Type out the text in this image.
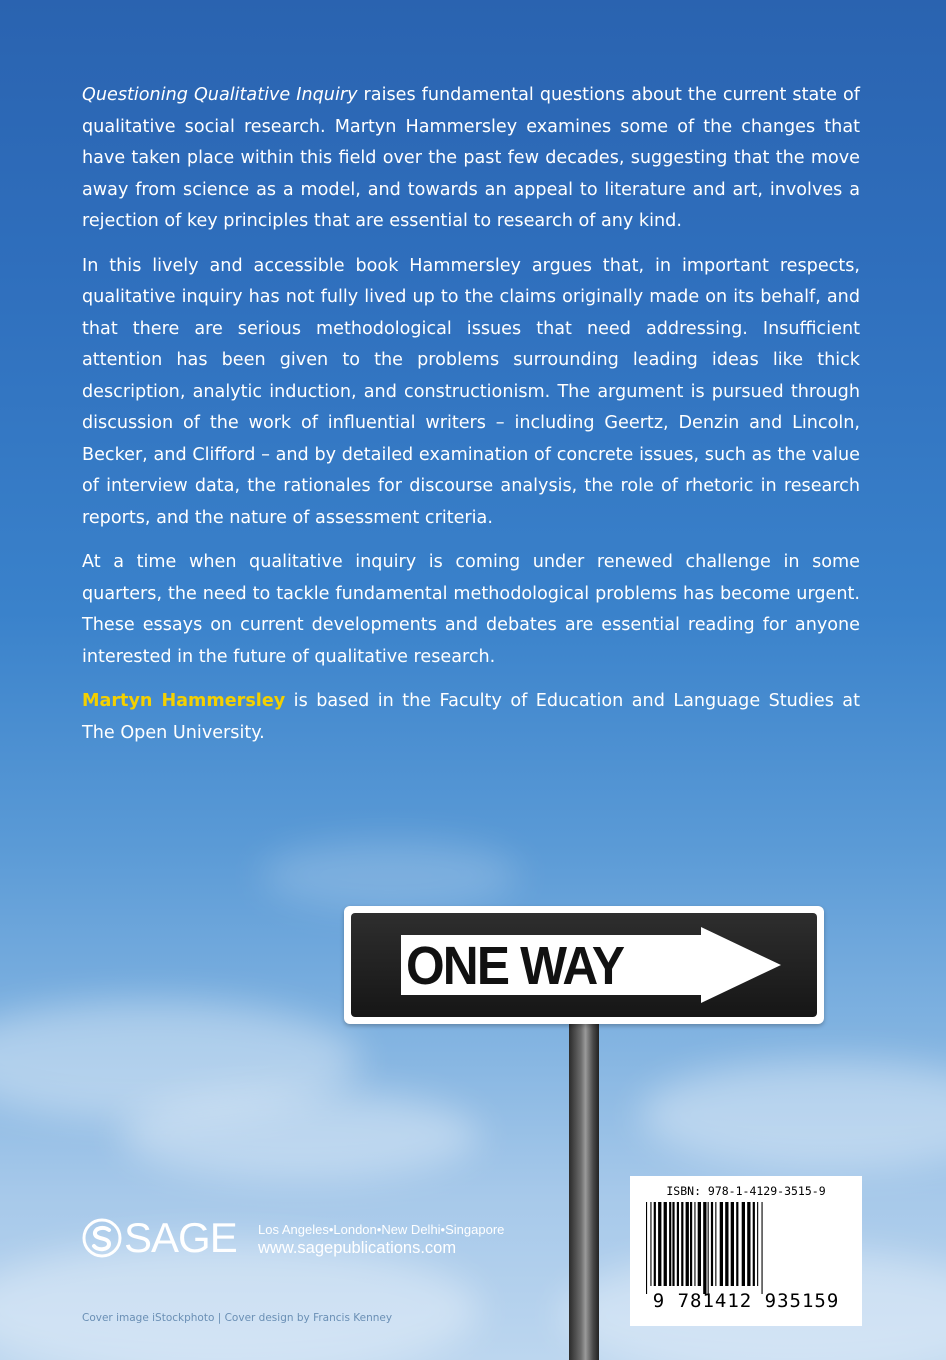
Questioning Qualitative Inquiry raises fundamental questions about the current state of qualitative social research. Martyn Hammersley examines some of the changes that have taken place within this field over the past few decades, suggesting that the move away from science as a model, and towards an appeal to literature and art, involves a rejection of key principles that are essential to research of any kind.

In this lively and accessible book Hammersley argues that, in important respects, qualitative inquiry has not fully lived up to the claims originally made on its behalf, and that there are serious methodological issues that need addressing. Insufficient attention has been given to the problems surrounding leading ideas like thick description, analytic induction, and constructionism. The argument is pursued through discussion of the work of influential writers – including Geertz, Denzin and Lincoln, Becker, and Clifford – and by detailed examination of concrete issues, such as the value of interview data, the rationales for discourse analysis, the role of rhetoric in research reports, and the nature of assessment criteria.

At a time when qualitative inquiry is coming under renewed challenge in some quarters, the need to tackle fundamental methodological problems has become urgent. These essays on current developments and debates are essential reading for anyone interested in the future of qualitative research.

Martyn Hammersley is based in the Faculty of Education and Language Studies at The Open University.

ONE WAY
SAGE Los Angeles•London•New Delhi•Singapore
www.sagepublications.com
Cover image iStockphoto | Cover design by Francis Kenney
ISBN: 978-1-4129-3515-9
9 781412 935159
